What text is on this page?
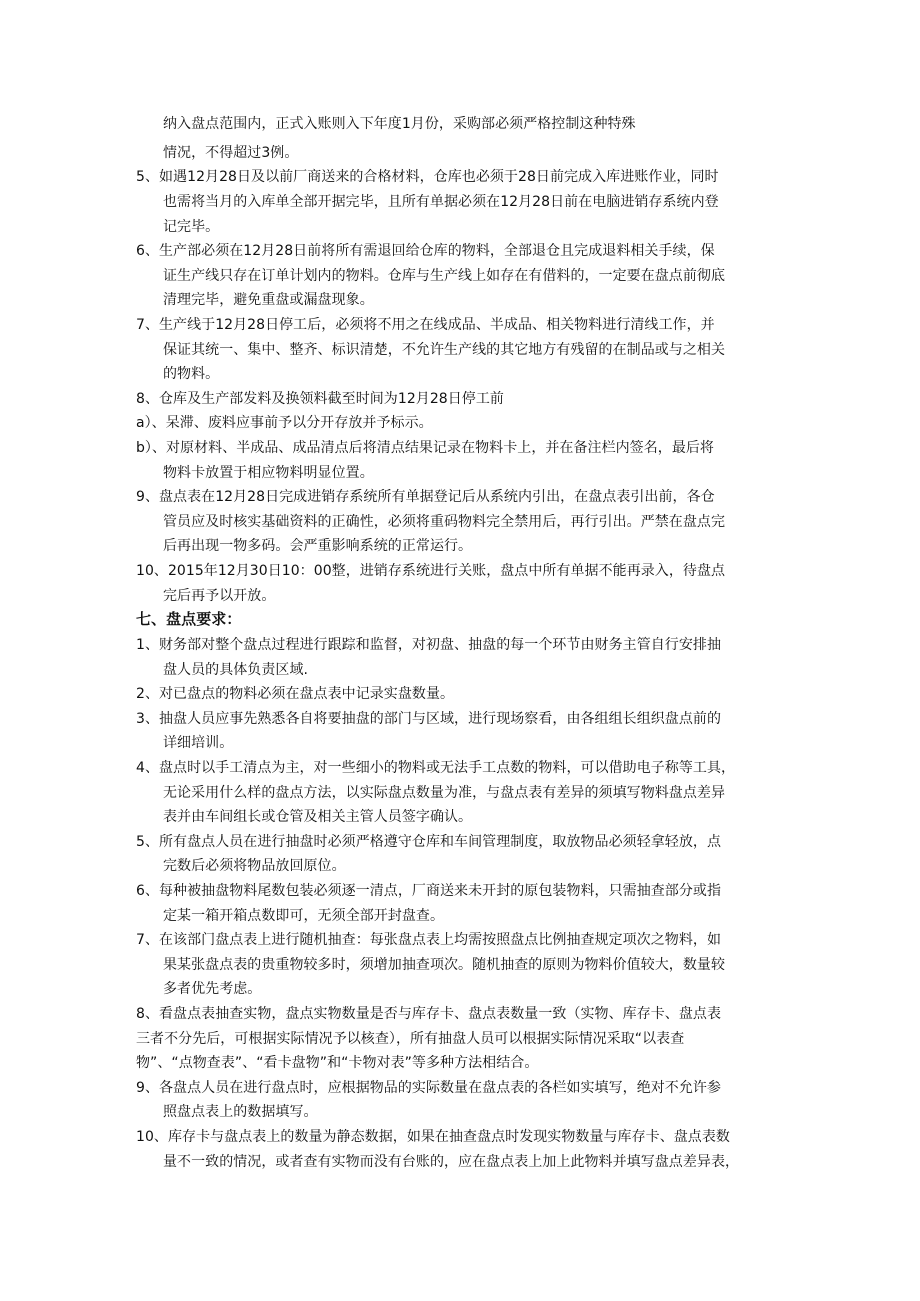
纳入盘点范围内，正式入账则入下年度1月份，采购部必须严格控制这种特殊
情况，不得超过3例。
5、如遇12月28日及以前厂商送来的合格材料，仓库也必须于28日前完成入库进账作业，同时
也需将当月的入库单全部开据完毕，且所有单据必须在12月28日前在电脑进销存系统内登
记完毕。
6、生产部必须在12月28日前将所有需退回给仓库的物料，全部退仓且完成退料相关手续，保
证生产线只存在订单计划内的物料。仓库与生产线上如存在有借料的，一定要在盘点前彻底
清理完毕，避免重盘或漏盘现象。
7、生产线于12月28日停工后，必须将不用之在线成品、半成品、相关物料进行清线工作，并
保证其统一、集中、整齐、标识清楚，不允许生产线的其它地方有残留的在制品或与之相关
的物料。
8、仓库及生产部发料及换领料截至时间为12月28日停工前
a）、呆滞、废料应事前予以分开存放并予标示。
b）、对原材料、半成品、成品清点后将清点结果记录在物料卡上，并在备注栏内签名，最后将
物料卡放置于相应物料明显位置。
9、盘点表在12月28日完成进销存系统所有单据登记后从系统内引出，在盘点表引出前，各仓
管员应及时核实基础资料的正确性，必须将重码物料完全禁用后，再行引出。严禁在盘点完
后再出现一物多码。会严重影响系统的正常运行。
10、2015年12月30日10：00整，进销存系统进行关账，盘点中所有单据不能再录入，待盘点
完后再予以开放。
七、盘点要求：
1、财务部对整个盘点过程进行跟踪和监督，对初盘、抽盘的每一个环节由财务主管自行安排抽
盘人员的具体负责区域.
2、对已盘点的物料必须在盘点表中记录实盘数量。
3、抽盘人员应事先熟悉各自将要抽盘的部门与区域，进行现场察看，由各组组长组织盘点前的
详细培训。
4、盘点时以手工清点为主，对一些细小的物料或无法手工点数的物料，可以借助电子称等工具，
无论采用什么样的盘点方法，以实际盘点数量为准，与盘点表有差异的须填写物料盘点差异
表并由车间组长或仓管及相关主管人员签字确认。
5、所有盘点人员在进行抽盘时必须严格遵守仓库和车间管理制度，取放物品必须轻拿轻放，点
完数后必须将物品放回原位。
6、每种被抽盘物料尾数包装必须逐一清点，厂商送来未开封的原包装物料，只需抽查部分或指
定某一箱开箱点数即可，无须全部开封盘查。
7、在该部门盘点表上进行随机抽查：每张盘点表上均需按照盘点比例抽查规定项次之物料，如
果某张盘点表的贵重物较多时，须增加抽查项次。随机抽查的原则为物料价值较大，数量较
多者优先考虑。
8、看盘点表抽查实物，盘点实物数量是否与库存卡、盘点表数量一致（实物、库存卡、盘点表
三者不分先后，可根据实际情况予以核查），所有抽盘人员可以根据实际情况采取“以表查
物”、“点物查表”、“看卡盘物”和“卡物对表”等多种方法相结合。
9、各盘点人员在进行盘点时，应根据物品的实际数量在盘点表的各栏如实填写，绝对不允许参
照盘点表上的数据填写。
10、库存卡与盘点表上的数量为静态数据，如果在抽查盘点时发现实物数量与库存卡、盘点表数
量不一致的情况，或者查有实物而没有台账的，应在盘点表上加上此物料并填写盘点差异表，
